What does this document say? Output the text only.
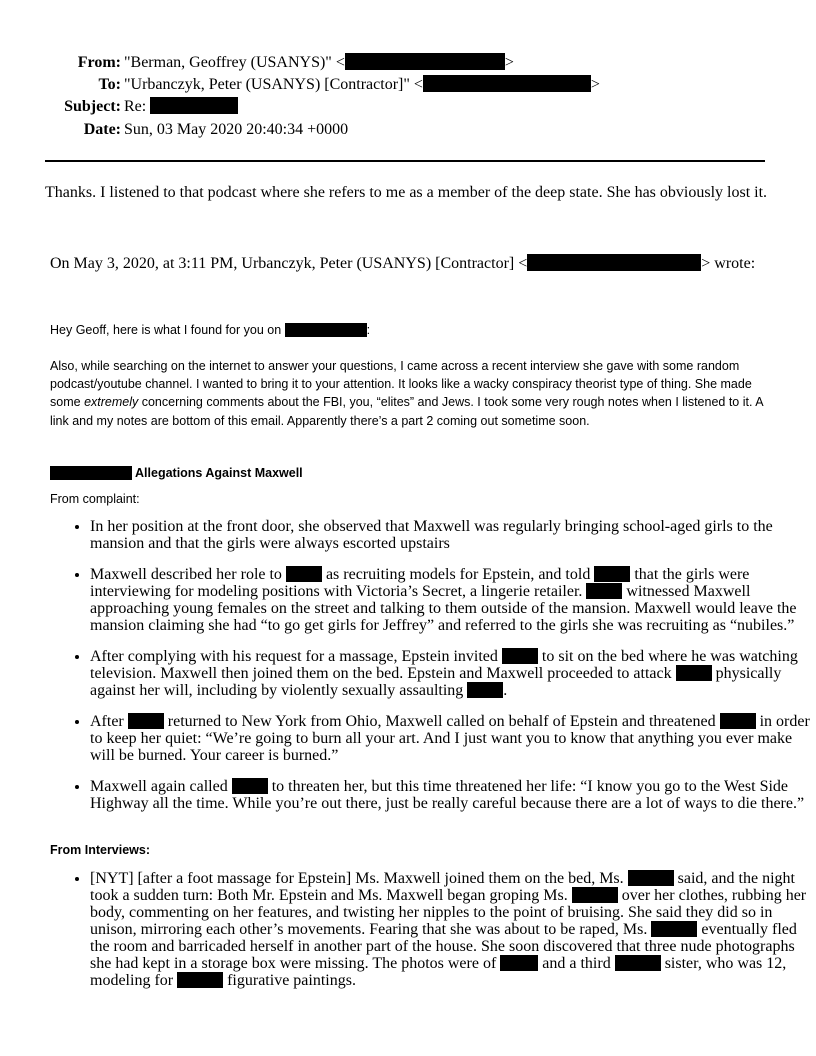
From: "Berman, Geoffrey (USANYS)" <	>
To: "Urbanczyk, Peter (USANYS) [Contractor]" <	>
Subject: Re:
Date: Sun, 03 May 2020 20:40:34 +0000

Thanks. I listened to that podcast where she refers to me as a member of the deep state. She has obviously lost it.

On May 3, 2020, at 3:11 PM, Urbanczyk, Peter (USANYS) [Contractor] <	> wrote:

Hey Geoff, here is what I found for you on	:

Also, while searching on the internet to answer your questions, I came across a recent interview she gave with some random podcast/youtube channel. I wanted to bring it to your attention. It looks like a wacky conspiracy theorist type of thing. She made some extremely concerning comments about the FBI, you, “elites” and Jews. I took some very rough notes when I listened to it. A link and my notes are bottom of this email. Apparently there’s a part 2 coming out sometime soon.

Allegations Against Maxwell

From complaint:

• In her position at the front door, she observed that Maxwell was regularly bringing school-aged girls to the mansion and that the girls were always escorted upstairs
• Maxwell described her role to	as recruiting models for Epstein, and told	that the girls were interviewing for modeling positions with Victoria’s Secret, a lingerie retailer.	witnessed Maxwell approaching young females on the street and talking to them outside of the mansion. Maxwell would leave the mansion claiming she had “to go get girls for Jeffrey” and referred to the girls she was recruiting as “nubiles.”
• After complying with his request for a massage, Epstein invited	to sit on the bed where he was watching television. Maxwell then joined them on the bed. Epstein and Maxwell proceeded to attack	physically against her will, including by violently sexually assaulting	.
• After	returned to New York from Ohio, Maxwell called on behalf of Epstein and threatened	in order to keep her quiet: “We’re going to burn all your art. And I just want you to know that anything you ever make will be burned. Your career is burned.”
• Maxwell again called	to threaten her, but this time threatened her life: “I know you go to the West Side Highway all the time. While you’re out there, just be really careful because there are a lot of ways to die there.”

From Interviews:

• [NYT] [after a foot massage for Epstein] Ms. Maxwell joined them on the bed, Ms.	said, and the night took a sudden turn: Both Mr. Epstein and Ms. Maxwell began groping Ms.	over her clothes, rubbing her body, commenting on her features, and twisting her nipples to the point of bruising. She said they did so in unison, mirroring each other’s movements. Fearing that she was about to be raped, Ms.	eventually fled the room and barricaded herself in another part of the house. She soon discovered that three nude photographs she had kept in a storage box were missing. The photos were of	and a third	sister, who was 12, modeling for	figurative paintings.
